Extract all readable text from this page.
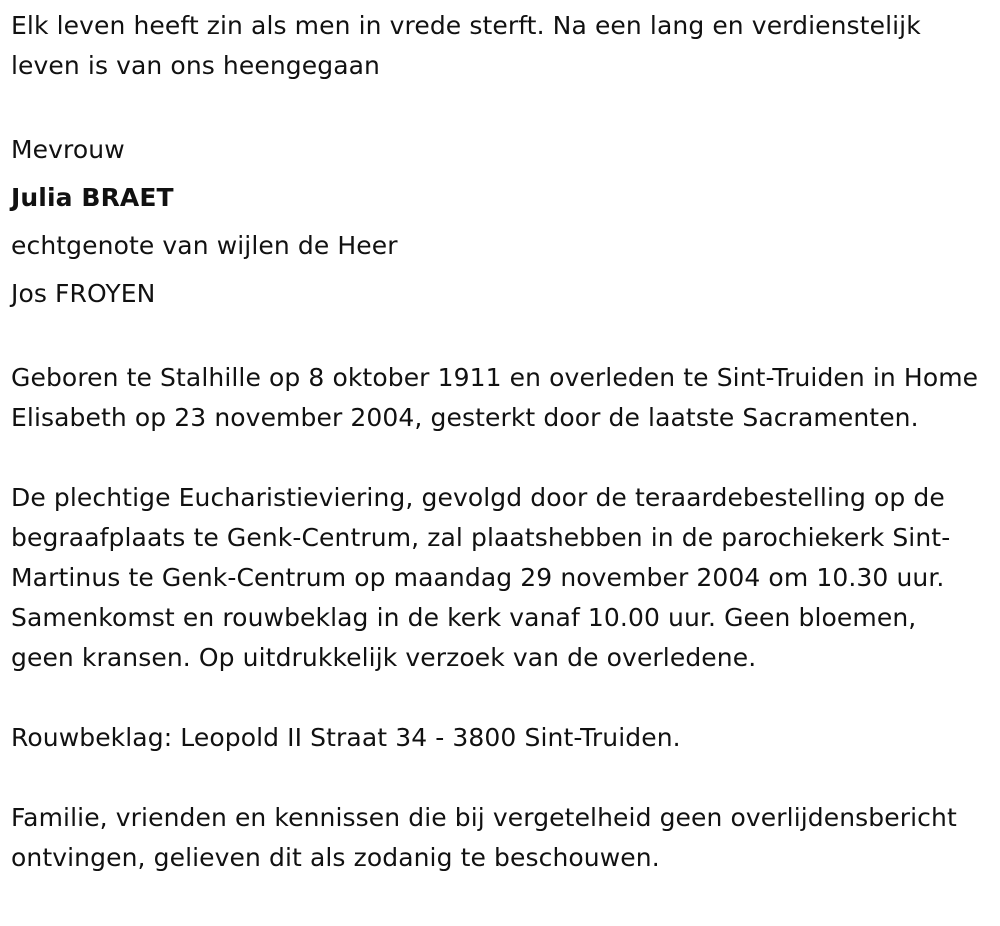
Elk leven heeft zin als men in vrede sterft. Na een lang en verdienstelijk leven is van ons heengegaan

Mevrouw

Julia BRAET

echtgenote van wijlen de Heer

Jos FROYEN

Geboren te Stalhille op 8 oktober 1911 en overleden te Sint-Truiden in Home Elisabeth op 23 november 2004, gesterkt door de laatste Sacramenten.

De plechtige Eucharistieviering, gevolgd door de teraardebestelling op de begraafplaats te Genk-Centrum, zal plaatshebben in de parochiekerk Sint-Martinus te Genk-Centrum op maandag 29 november 2004 om 10.30 uur. Samenkomst en rouwbeklag in de kerk vanaf 10.00 uur. Geen bloemen, geen kransen. Op uitdrukkelijk verzoek van de overledene.

Rouwbeklag: Leopold II Straat 34 - 3800 Sint-Truiden.

Familie, vrienden en kennissen die bij vergetelheid geen overlijdensbericht ontvingen, gelieven dit als zodanig te beschouwen.
